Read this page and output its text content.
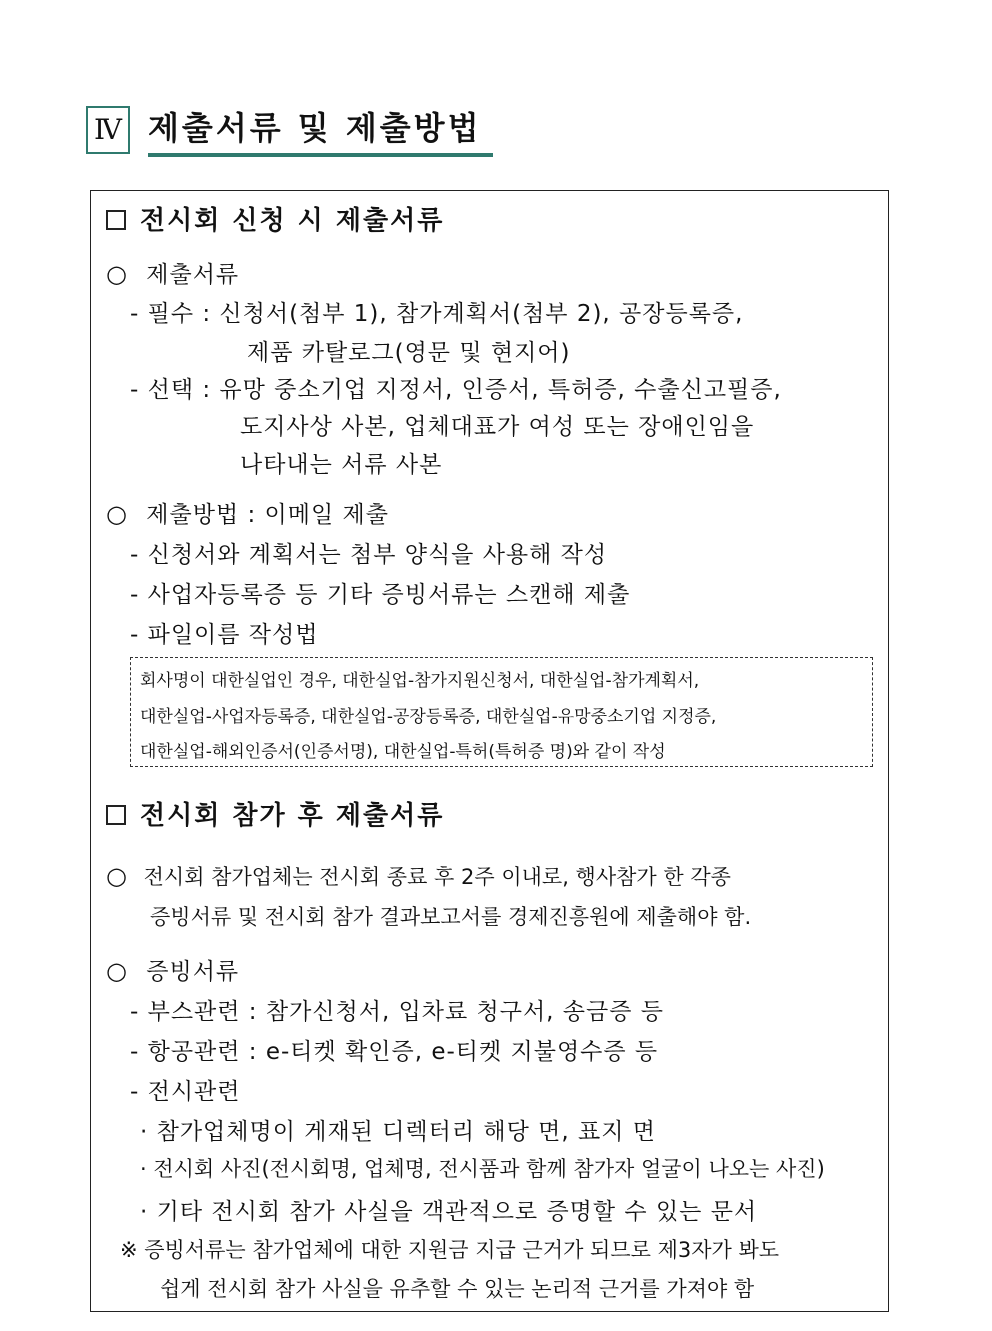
Ⅳ 제출서류 및 제출방법
전시회 신청 시 제출서류
○ 제출서류
- 필수 : 신청서(첨부 1), 참가계획서(첨부 2), 공장등록증,
제품 카탈로그(영문 및 현지어)
- 선택 : 유망 중소기업 지정서, 인증서, 특허증, 수출신고필증,
도지사상 사본, 업체대표가 여성 또는 장애인임을
나타내는 서류 사본
○ 제출방법 : 이메일 제출
- 신청서와 계획서는 첨부 양식을 사용해 작성
- 사업자등록증 등 기타 증빙서류는 스캔해 제출
- 파일이름 작성법
회사명이 대한실업인 경우, 대한실업-참가지원신청서, 대한실업-참가계획서,
대한실업-사업자등록증, 대한실업-공장등록증, 대한실업-유망중소기업 지정증,
대한실업-해외인증서(인증서명), 대한실업-특허(특허증 명)와 같이 작성
전시회 참가 후 제출서류
○ 전시회 참가업체는 전시회 종료 후 2주 이내로, 행사참가 한 각종
증빙서류 및 전시회 참가 결과보고서를 경제진흥원에 제출해야 함.
○ 증빙서류
- 부스관련 : 참가신청서, 입차료 청구서, 송금증 등
- 항공관련 : e-티켓 확인증, e-티켓 지불영수증 등
- 전시관련
· 참가업체명이 게재된 디렉터리 해당 면, 표지 면
· 전시회 사진(전시회명, 업체명, 전시품과 함께 참가자 얼굴이 나오는 사진)
· 기타 전시회 참가 사실을 객관적으로 증명할 수 있는 문서
※ 증빙서류는 참가업체에 대한 지원금 지급 근거가 되므로 제3자가 봐도
쉽게 전시회 참가 사실을 유추할 수 있는 논리적 근거를 가져야 함
